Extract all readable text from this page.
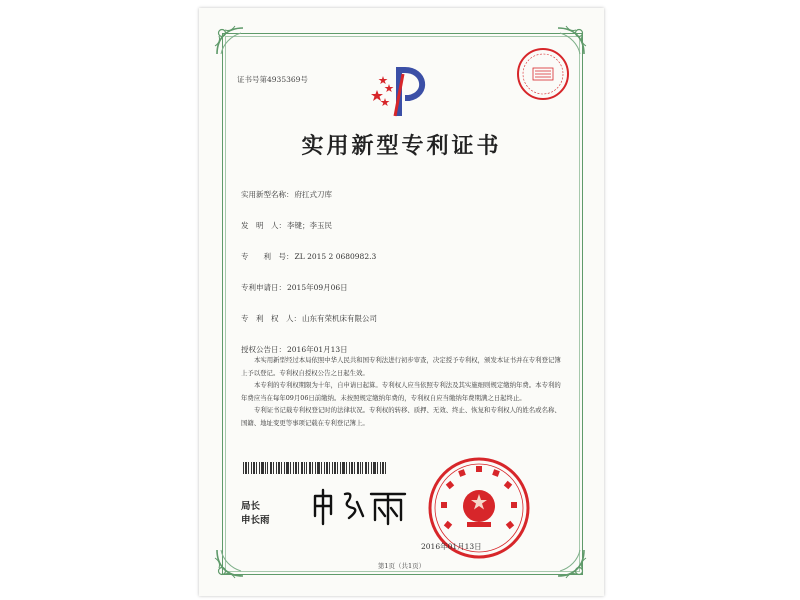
证书号第4935369号
实用新型专利证书
实用新型名称：府扛式刀库
发　明　人：李键；李玉民
专　　利　号：ZL 2015 2 0680982.3
专利申请日：2015年09月06日
专　利　权　人：山东有荣机床有限公司
授权公告日：2016年01月13日

本实用新型经过本局依照中华人民共和国专利法进行初步审查，决定授予专利权，颁发本证书并在专利登记簿上予以登记。专利权自授权公告之日起生效。

本专利的专利权期限为十年，自申请日起算。专利权人应当依照专利法及其实施细则规定缴纳年费。本专利的年费应当在每年09月06日前缴纳。未按照规定缴纳年费的，专利权自应当缴纳年费期满之日起终止。

专利证书记载专利权登记时的法律状况。专利权的转移、质押、无效、终止、恢复和专利权人的姓名或名称、国籍、地址变更等事项记载在专利登记簿上。

局长
申长雨
2016年01月13日
第1页（共1页）
